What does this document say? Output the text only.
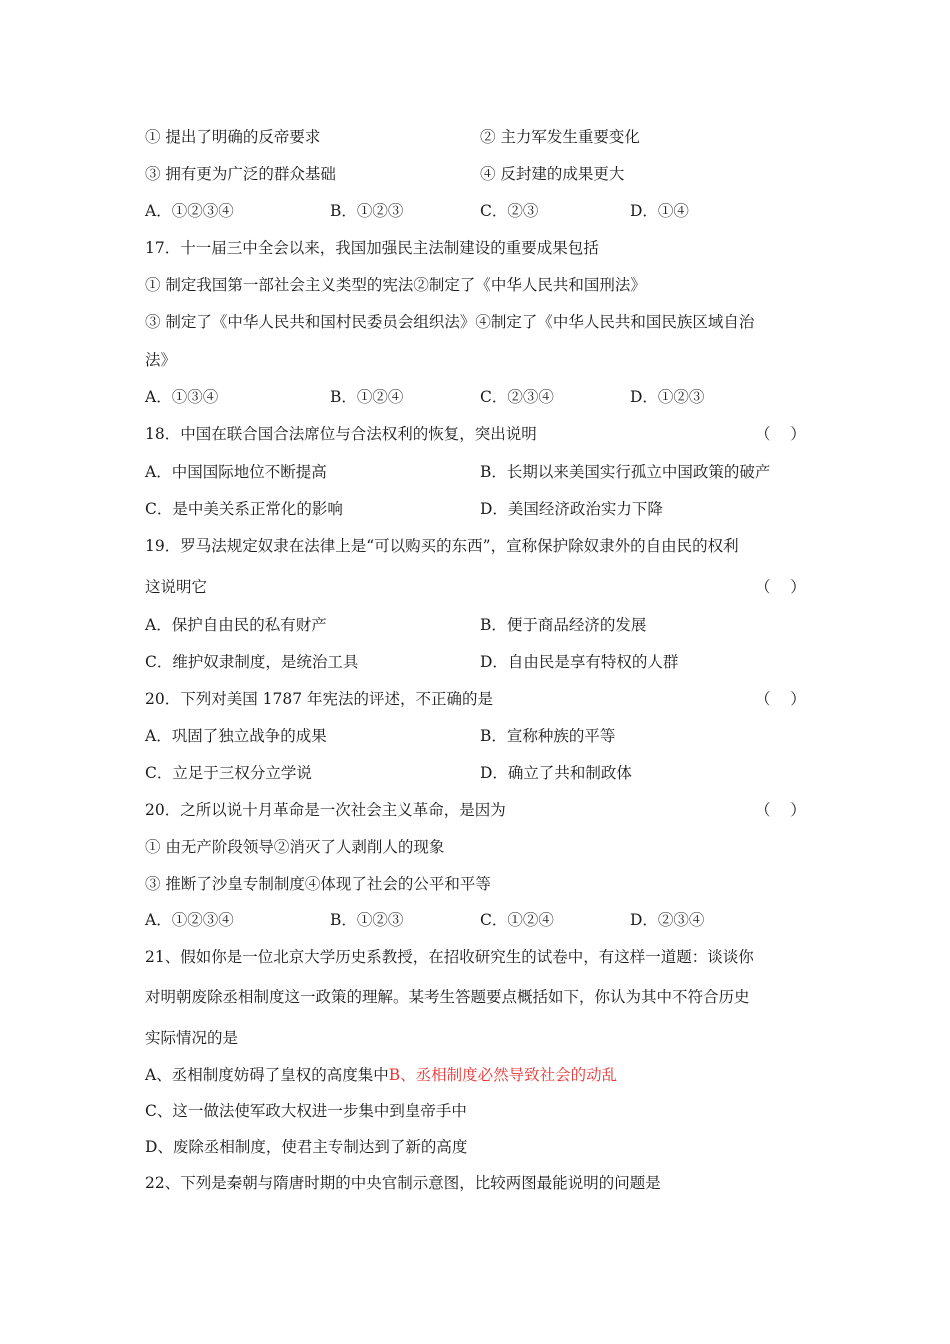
① 提出了明确的反帝要求	② 主力军发生重要变化
③ 拥有更为广泛的群众基础	④ 反封建的成果更大
A．①②③④	B．①②③	C．②③	D．①④
17．十一届三中全会以来，我国加强民主法制建设的重要成果包括
① 制定我国第一部社会主义类型的宪法②制定了《中华人民共和国刑法》
③ 制定了《中华人民共和国村民委员会组织法》④制定了《中华人民共和国民族区域自治
法》
A．①③④	B．①②④	C．②③④	D．①②③
18．中国在联合国合法席位与合法权利的恢复，突出说明	（    ）
A．中国国际地位不断提高	B．长期以来美国实行孤立中国政策的破产
C．是中美关系正常化的影响	D．美国经济政治实力下降
19．罗马法规定奴隶在法律上是“可以购买的东西”，宣称保护除奴隶外的自由民的权利
这说明它	（    ）
A．保护自由民的私有财产	B．便于商品经济的发展
C．维护奴隶制度，是统治工具	D．自由民是享有特权的人群
20．下列对美国 1787 年宪法的评述，不正确的是	（    ）
A．巩固了独立战争的成果	B．宣称种族的平等
C．立足于三权分立学说	D．确立了共和制政体
20．之所以说十月革命是一次社会主义革命，是因为	（    ）
① 由无产阶段领导②消灭了人剥削人的现象
③ 推断了沙皇专制制度④体现了社会的公平和平等
A．①②③④	B．①②③	C．①②④	D．②③④
21、假如你是一位北京大学历史系教授，在招收研究生的试卷中，有这样一道题：谈谈你
对明朝废除丞相制度这一政策的理解。某考生答题要点概括如下，你认为其中不符合历史
实际情况的是
A、丞相制度妨碍了皇权的高度集中B、丞相制度必然导致社会的动乱
C、这一做法使军政大权进一步集中到皇帝手中
D、废除丞相制度，使君主专制达到了新的高度
22、下列是秦朝与隋唐时期的中央官制示意图，比较两图最能说明的问题是
